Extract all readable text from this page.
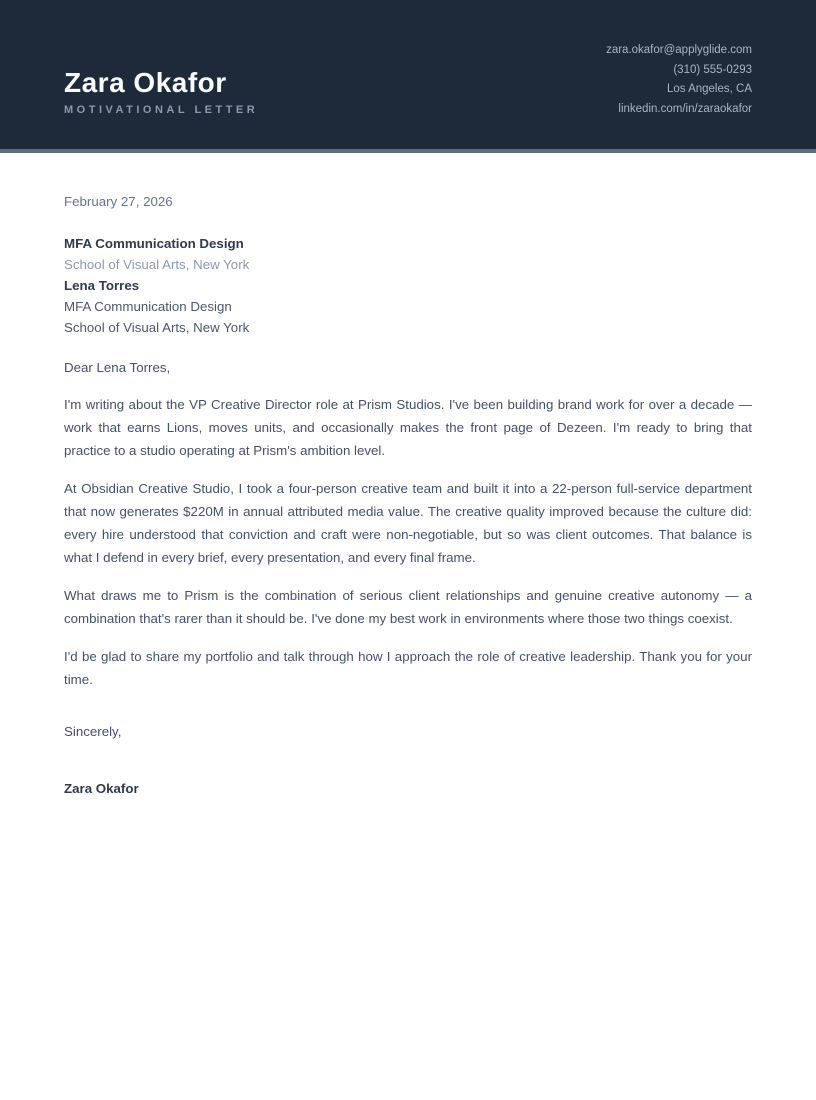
Zara Okafor
MOTIVATIONAL LETTER
zara.okafor@applyglide.com
(310) 555-0293
Los Angeles, CA
linkedin.com/in/zaraokafor
February 27, 2026
MFA Communication Design
School of Visual Arts, New York
Lena Torres
MFA Communication Design
School of Visual Arts, New York
Dear Lena Torres,

I'm writing about the VP Creative Director role at Prism Studios. I've been building brand work for over a decade — work that earns Lions, moves units, and occasionally makes the front page of Dezeen. I'm ready to bring that practice to a studio operating at Prism's ambition level.

At Obsidian Creative Studio, I took a four-person creative team and built it into a 22-person full-service department that now generates $220M in annual attributed media value. The creative quality improved because the culture did: every hire understood that conviction and craft were non-negotiable, but so was client outcomes. That balance is what I defend in every brief, every presentation, and every final frame.

What draws me to Prism is the combination of serious client relationships and genuine creative autonomy — a combination that's rarer than it should be. I've done my best work in environments where those two things coexist.

I'd be glad to share my portfolio and talk through how I approach the role of creative leadership. Thank you for your time.

Sincerely,
Zara Okafor
